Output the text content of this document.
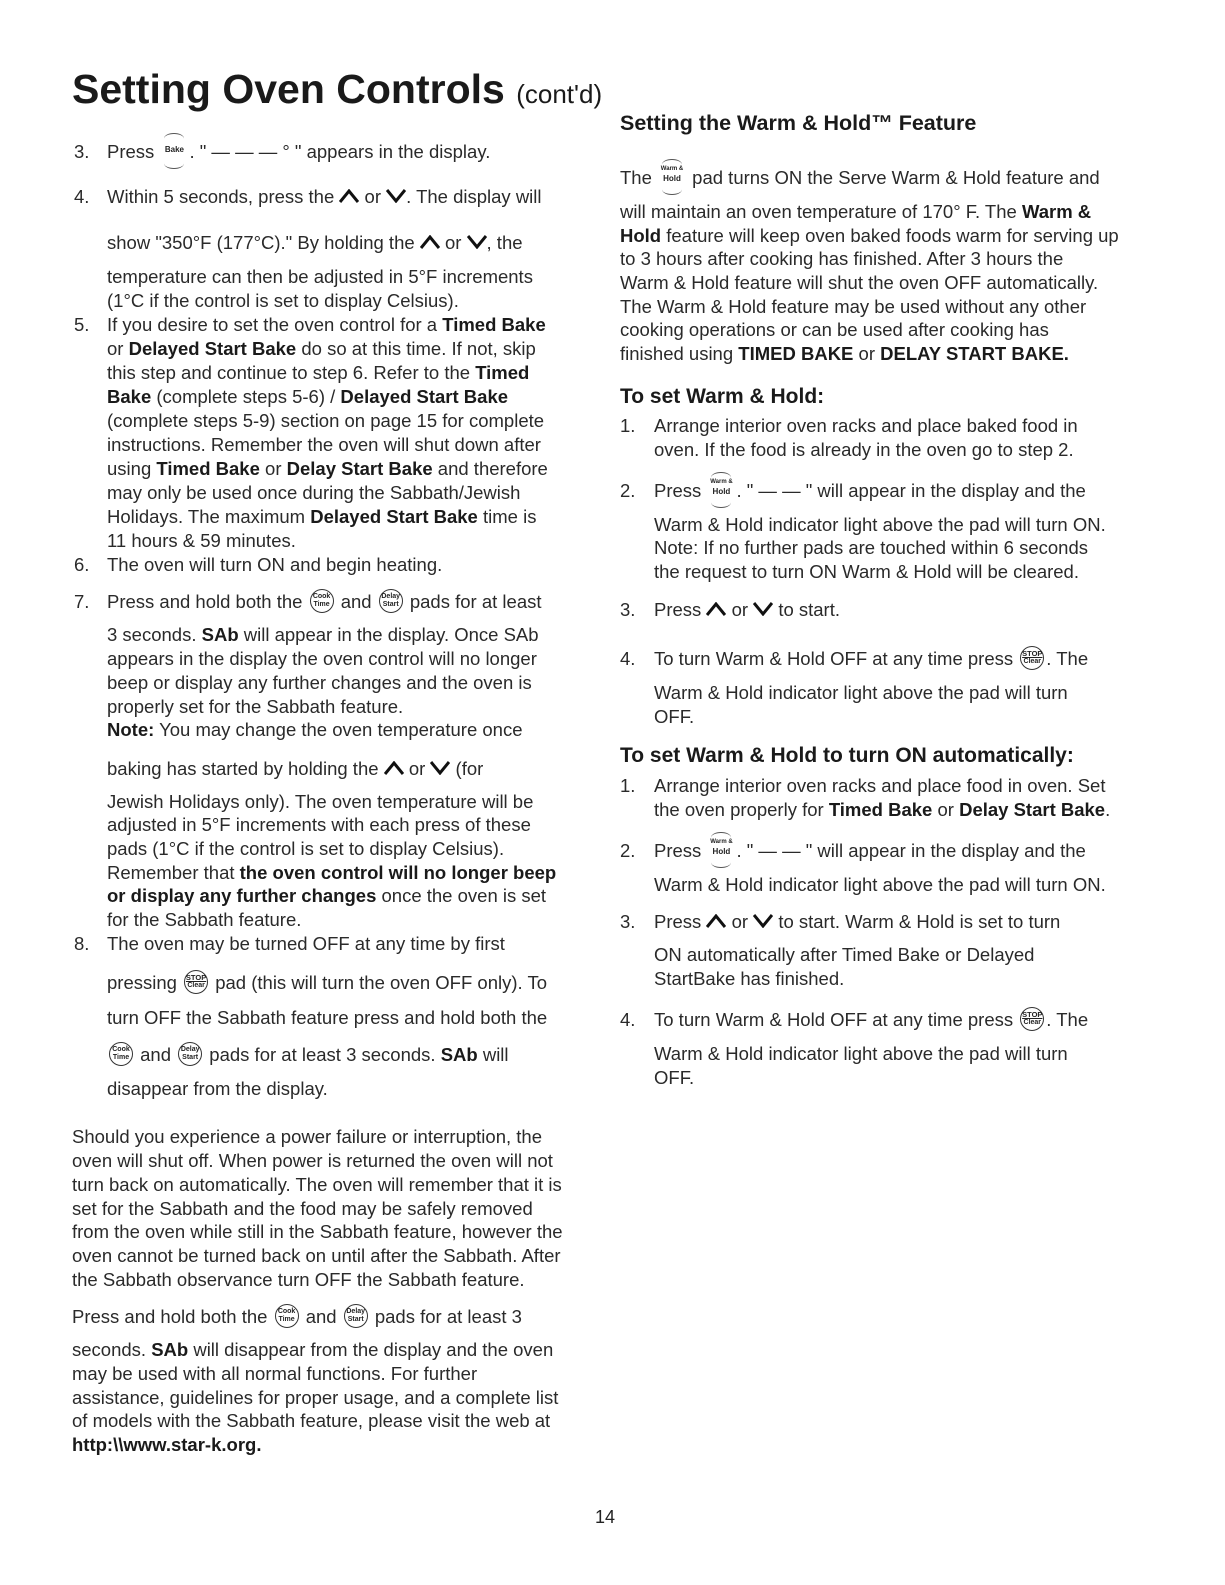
Setting Oven Controls (cont'd)
3. Press	Bake . " — — — ° " appears in the display.
4. Within 5 seconds, press the or . The display will
show "350°F (177°C)." By holding the or , the
temperature can then be adjusted in 5°F increments
(1°C if the control is set to display Celsius).
5. If you desire to set the oven control for a Timed Bake
or Delayed Start Bake do so at this time. If not, skip
this step and continue to step 6. Refer to the Timed
Bake (complete steps 5-6) / Delayed Start Bake
(complete steps 5-9) section on page 15 for complete
instructions. Remember the oven will shut down after
using Timed Bake or Delay Start Bake and therefore
may only be used once during the Sabbath/Jewish
Holidays. The maximum Delayed Start Bake time is
11 hours & 59 minutes.
6. The oven will turn ON and begin heating.
7. Press and hold both the	Cook
Time and Delay
Start pads for at least
3 seconds. SAb will appear in the display. Once SAb
appears in the display the oven control will no longer
beep or display any further changes and the oven is
properly set for the Sabbath feature.
Note: You may change the oven temperature once
baking has started by holding the or (for
Jewish Holidays only). The oven temperature will be
adjusted in 5°F increments with each press of these
pads (1°C if the control is set to display Celsius).
Remember that the oven control will no longer beep
or display any further changes once the oven is set
for the Sabbath feature.
8. The oven may be turned OFF at any time by first
pressing STOP
Clear pad (this will turn the oven OFF only). To
turn OFF the Sabbath feature press and hold both the
Cook
Time and Delay
Start pads for at least 3 seconds. SAb will
disappear from the display.
Should you experience a power failure or interruption, the
oven will shut off. When power is returned the oven will not
turn back on automatically. The oven will remember that it is
set for the Sabbath and the food may be safely removed
from the oven while still in the Sabbath feature, however the
oven cannot be turned back on until after the Sabbath. After
the Sabbath observance turn OFF the Sabbath feature.
Press and hold both the	Cook
Time and Delay
Start pads for at least 3
seconds. SAb will disappear from the display and the oven
may be used with all normal functions. For further
assistance, guidelines for proper usage, and a complete list
of models with the Sabbath feature, please visit the web at
http:\\www.star-k.org.
Setting the Warm & Hold™ Feature
The	Warm &
Hold pad turns ON the Serve Warm & Hold feature and
will maintain an oven temperature of 170° F. The Warm &
Hold feature will keep oven baked foods warm for serving up
to 3 hours after cooking has finished. After 3 hours the
Warm & Hold feature will shut the oven OFF automatically.
The Warm & Hold feature may be used without any other
cooking operations or can be used after cooking has
finished using TIMED BAKE or DELAY START BAKE.
To set Warm & Hold:
1. Arrange interior oven racks and place baked food in
oven. If the food is already in the oven go to step 2.
2. Press	Warm &
Hold . " — — " will appear in the display and the
Warm & Hold indicator light above the pad will turn ON.
Note: If no further pads are touched within 6 seconds
the request to turn ON Warm & Hold will be cleared.
3. Press or to start.
4. To turn Warm & Hold OFF at any time press STOP
Clear . The
Warm & Hold indicator light above the pad will turn
OFF.
To set Warm & Hold to turn ON automatically:
1. Arrange interior oven racks and place food in oven. Set
the oven properly for Timed Bake or Delay Start Bake.
2. Press	Warm &
Hold . " — — " will appear in the display and the
Warm & Hold indicator light above the pad will turn ON.
3. Press or to start. Warm & Hold is set to turn
ON automatically after Timed Bake or Delayed
StartBake has finished.
4. To turn Warm & Hold OFF at any time press STOP
Clear . The
Warm & Hold indicator light above the pad will turn
OFF.
14
